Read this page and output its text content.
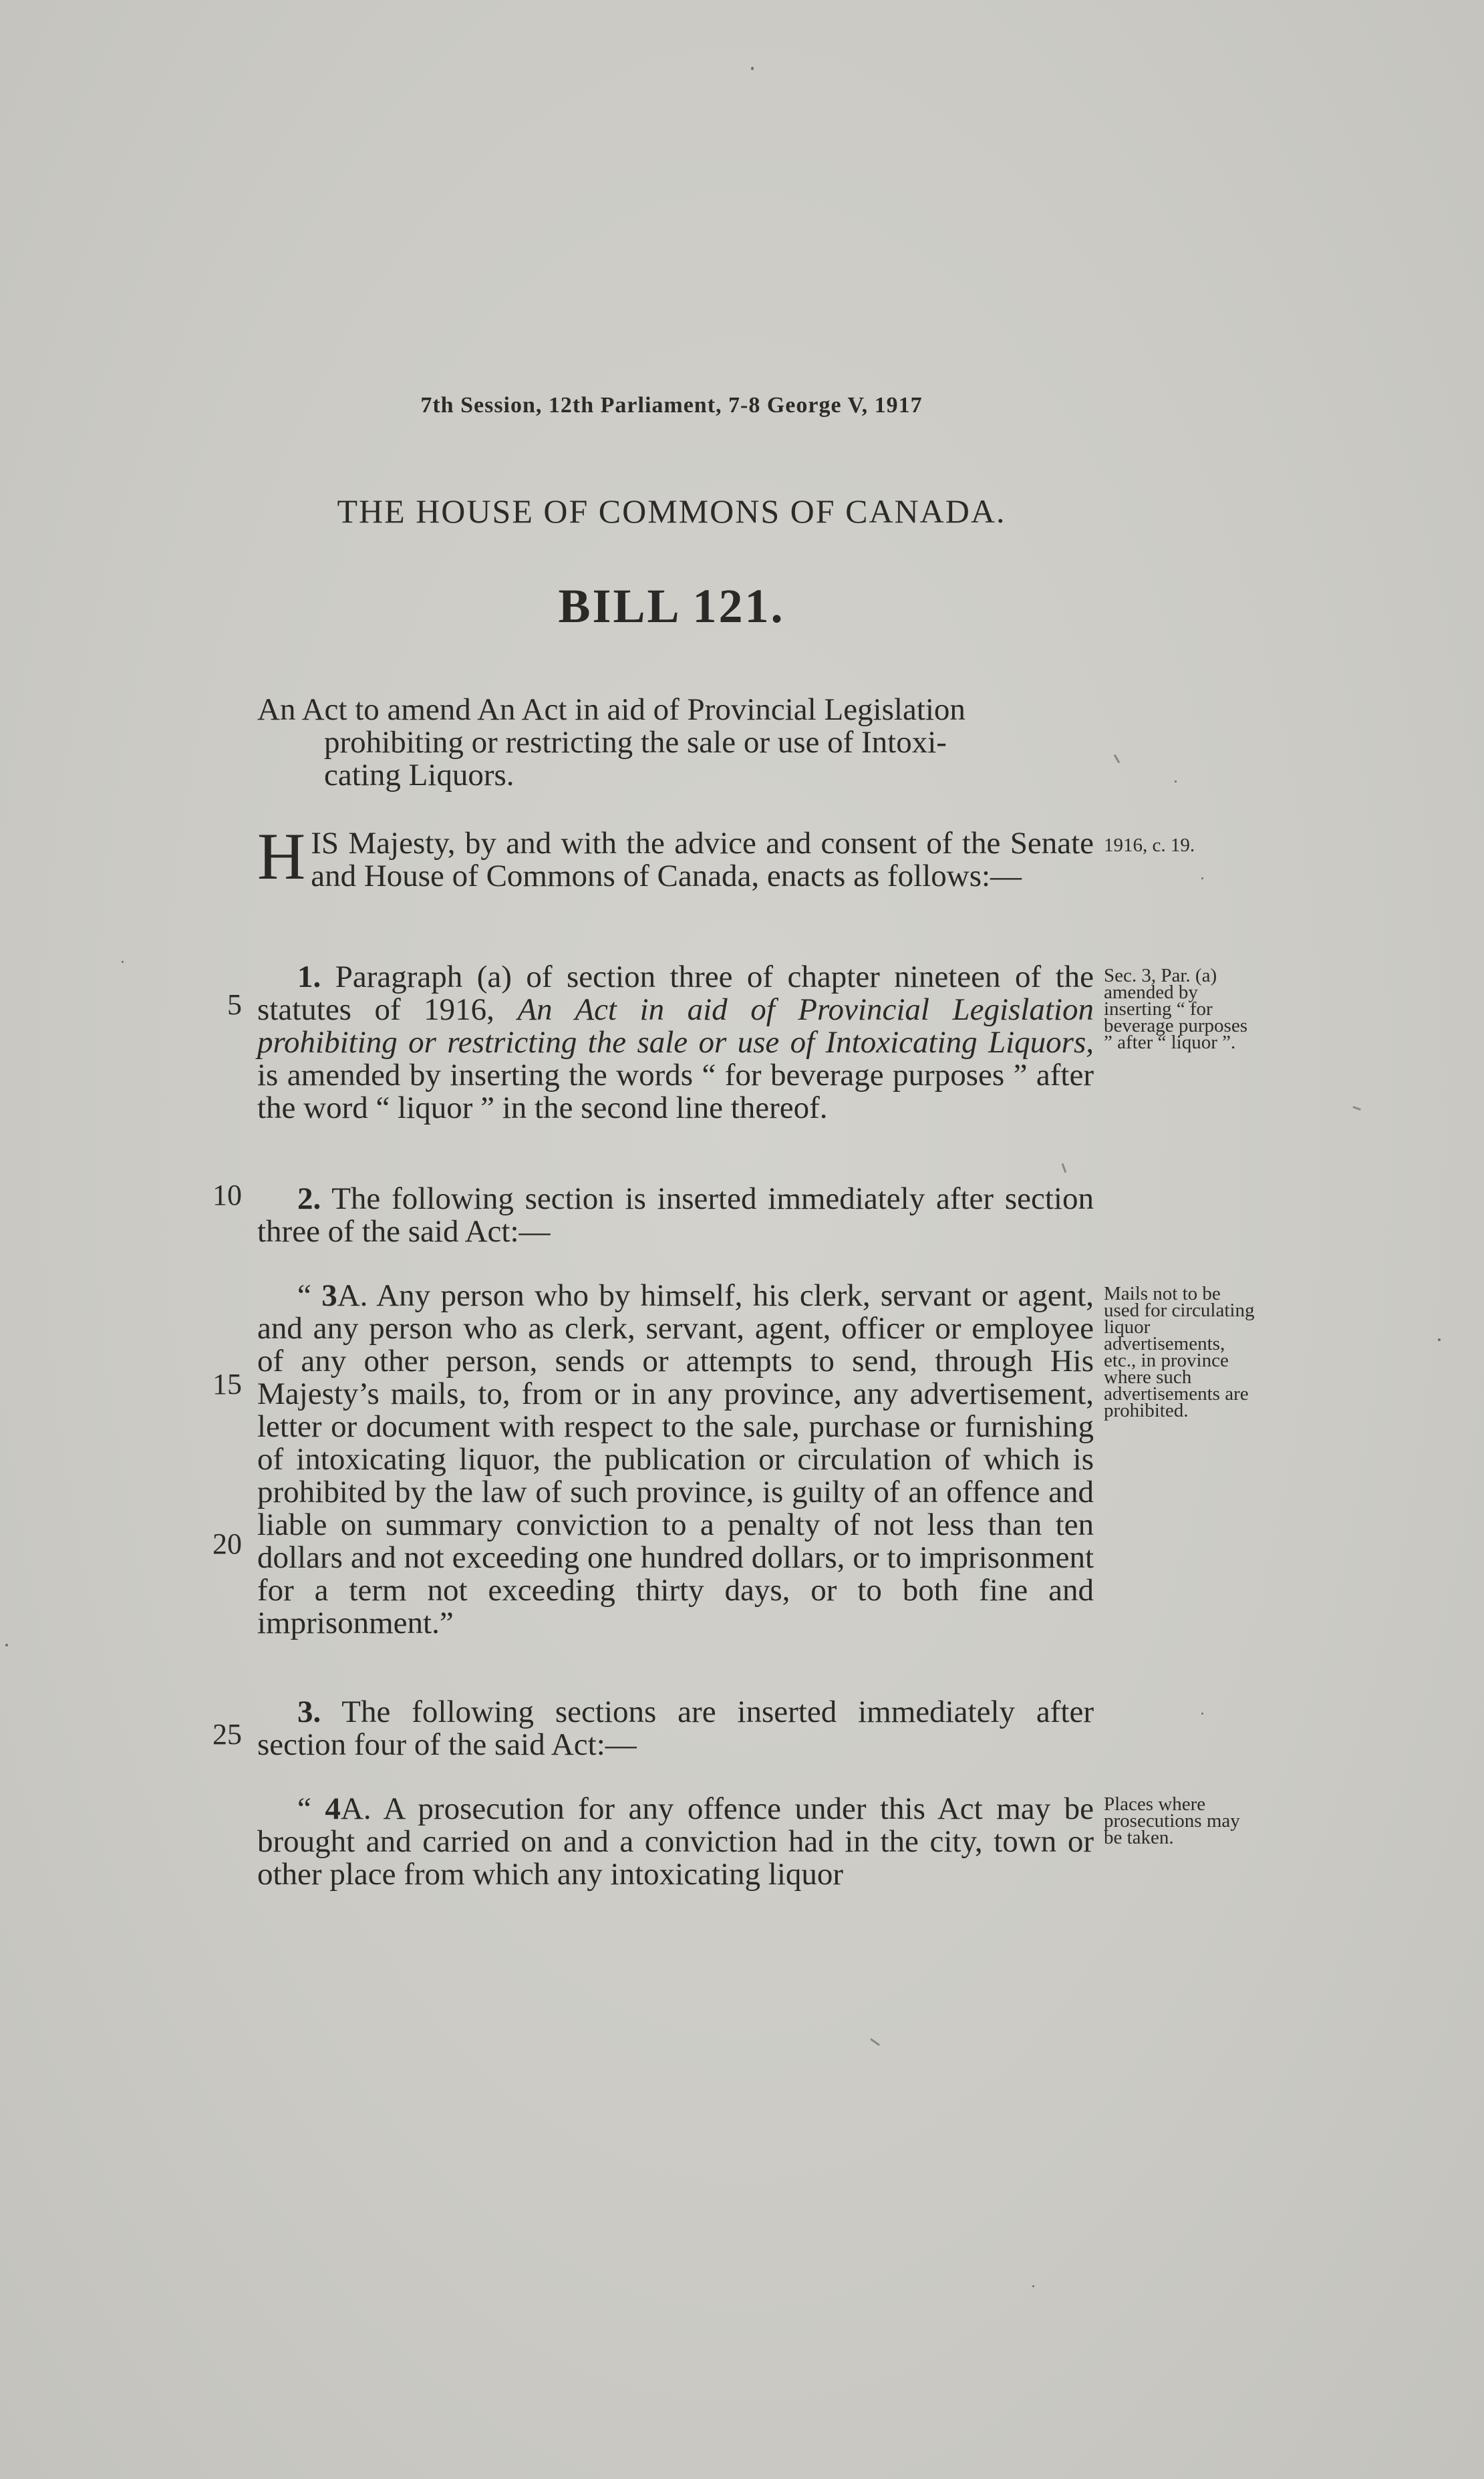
7th Session, 12th Parliament, 7-8 George V, 1917
THE HOUSE OF COMMONS OF CANADA.
BILL 121.
An Act to amend An Act in aid of Provincial Legislation
prohibiting or restricting the sale or use of Intoxi-
cating Liquors.
HIS Majesty, by and with the advice and consent of the Senate and House of Commons of Canada, enacts as follows:—
1916, c. 19.
1. Paragraph (a) of section three of chapter nineteen of the statutes of 1916, An Act in aid of Provincial Legislation prohibiting or restricting the sale or use of Intoxicating Liquors, is amended by inserting the words “ for beverage purposes ” after the word “ liquor ” in the second line thereof.
Sec. 3, Par. (a) amended by inserting “ for beverage purposes ” after “ liquor ”.
2. The following section is inserted immediately after section three of the said Act:—
“ 3A. Any person who by himself, his clerk, servant or agent, and any person who as clerk, servant, agent, officer or employee of any other person, sends or attempts to send, through His Majesty’s mails, to, from or in any province, any advertisement, letter or document with respect to the sale, purchase or furnishing of intoxicating liquor, the publication or circulation of which is prohibited by the law of such province, is guilty of an offence and liable on summary conviction to a penalty of not less than ten dollars and not exceeding one hundred dollars, or to imprisonment for a term not exceeding thirty days, or to both fine and imprisonment.”
Mails not to be used for circulating liquor advertisements, etc., in province where such advertisements are prohibited.
3. The following sections are inserted immediately after section four of the said Act:—
“ 4A. A prosecution for any offence under this Act may be brought and carried on and a conviction had in the city, town or other place from which any intoxicating liquor
Places where prosecutions may be taken.
5
10
15
20
25
